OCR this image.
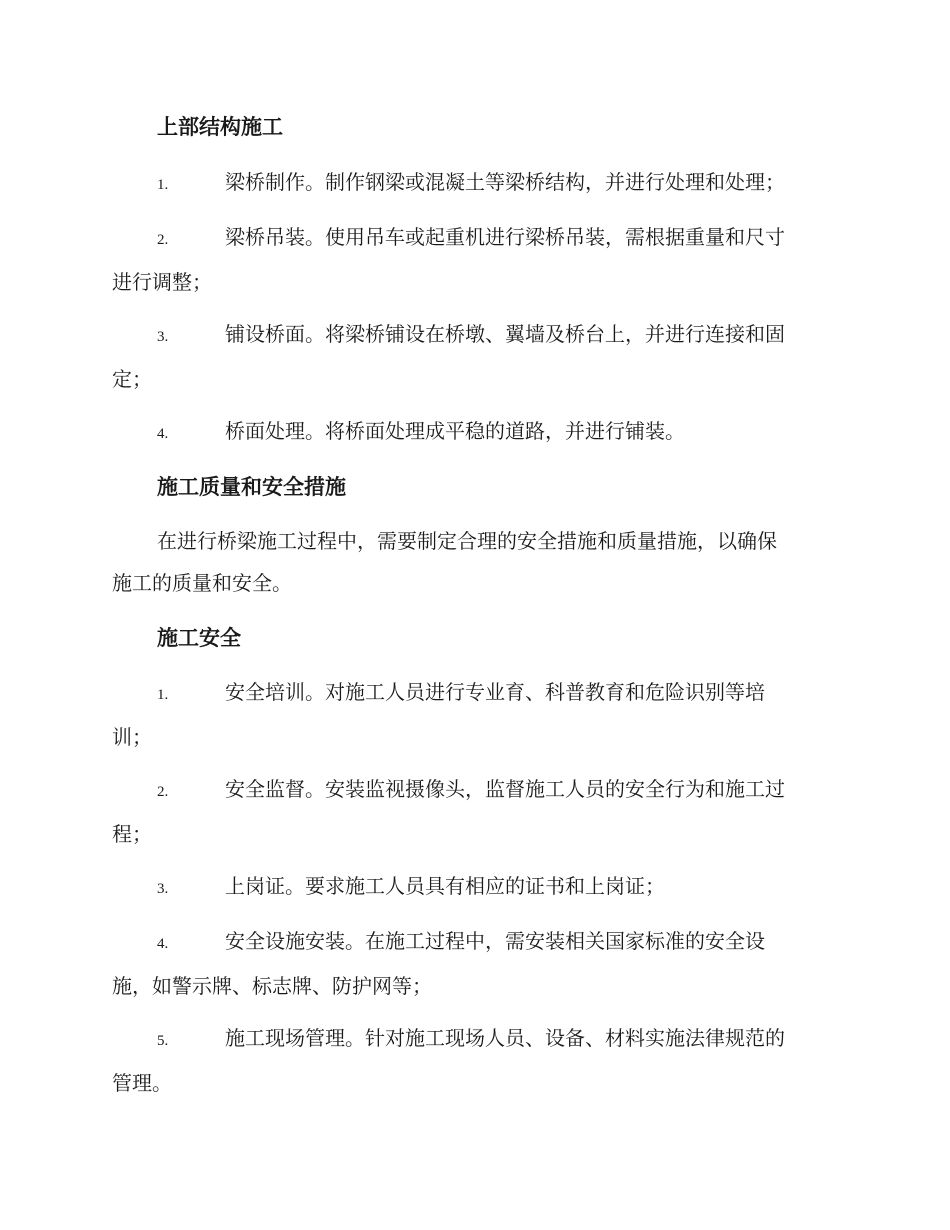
上部结构施工
1.	梁桥制作。制作钢梁或混凝土等梁桥结构，并进行处理和处理；
2.	梁桥吊装。使用吊车或起重机进行梁桥吊装，需根据重量和尺寸
进行调整；
3.	铺设桥面。将梁桥铺设在桥墩、翼墙及桥台上，并进行连接和固
定；
4.	桥面处理。将桥面处理成平稳的道路，并进行铺装。
施工质量和安全措施
在进行桥梁施工过程中，需要制定合理的安全措施和质量措施，以确保
施工的质量和安全。
施工安全
1.	安全培训。对施工人员进行专业育、科普教育和危险识别等培
训；
2.	安全监督。安装监视摄像头，监督施工人员的安全行为和施工过
程；
3.	上岗证。要求施工人员具有相应的证书和上岗证；
4.	安全设施安装。在施工过程中，需安装相关国家标准的安全设
施，如警示牌、标志牌、防护网等；
5.	施工现场管理。针对施工现场人员、设备、材料实施法律规范的
管理。
